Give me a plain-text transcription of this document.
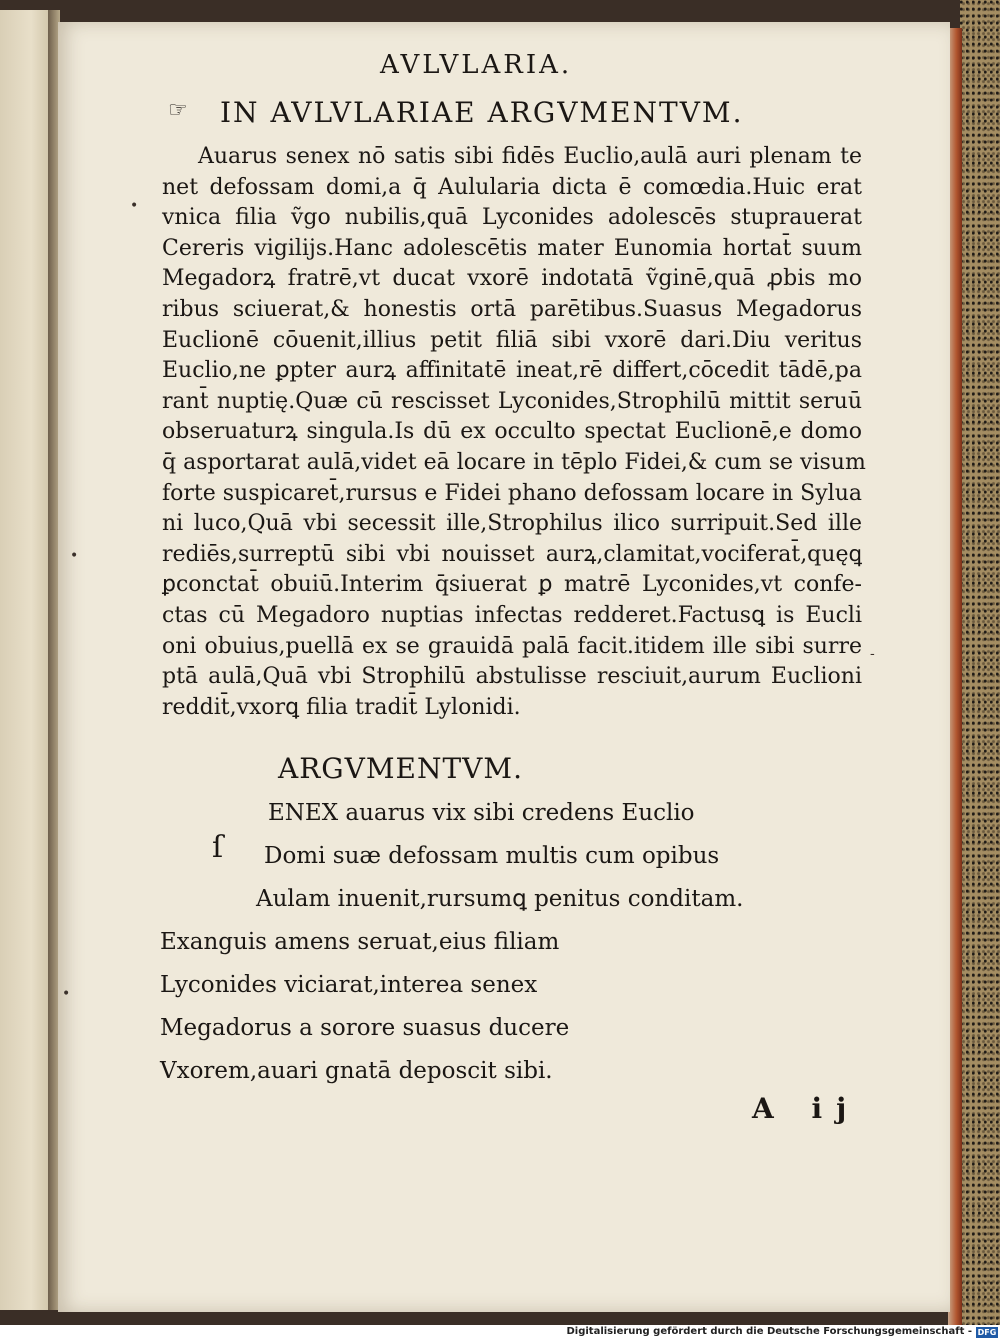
AVLVLARIA.
☞	IN AVLVLARIAE ARGVMENTVM.
Auarus senex nō satis sibi fidēs Euclio,aulā auri plenam te
net defossam domi,a q̄ Aulularia dicta ē comœdia.Huic erat
vnica filia ṽgo nubilis,quā Lyconides adolescēs stuprauerat
Cereris vigilijs.Hanc adolescētis mater Eunomia hortat̄ suum
Megadorꝝ fratrē,vt ducat vxorē indotatā ṽginē,quā ꝓbis mo
ribus sciuerat,& honestis ortā parētibus.Suasus Megadorus
Euclionē cōuenit,illius petit filiā sibi vxorē dari.Diu veritus
Euclio,ne ꝑpter aurꝝ affinitatē ineat,rē differt,cōcedit tādē,pa
rant̄ nuptię.Quæ cū rescisset Lyconides,Strophilū mittit seruū
obseruaturꝝ singula.Is dū ex occulto spectat Euclionē,e domo
q̄ asportarat aulā,videt eā locare in tēplo Fidei,& cum se visum
forte suspicaret̄,rursus e Fidei phano defossam locare in Sylua
ni luco,Quā vbi secessit ille,Strophilus ilico surripuit.Sed ille
rediēs,surreptū sibi vbi nouisset aurꝝ,clamitat,vociferat̄,quęꝗ
ꝑconctat̄ obuiū.Interim q̄siuerat ꝑ matrē Lyconides,vt confe-
ctas cū Megadoro nuptias infectas redderet.Factusꝗ is Eucli
oni obuius,puellā ex se grauidā palā facit.itidem ille sibi surre
ptā aulā,Quā vbi Strophilū abstulisse resciuit,aurum Euclioni
reddit̄,vxorꝗ filia tradit̄ Lylonidi.
ARGVMENTVM.
ſ
ENEX auarus vix sibi credens Euclio
Domi suæ defossam multis cum opibus
Aulam inuenit,rursumꝗ penitus conditam.
Exanguis amens seruat,eius filiam
Lyconides viciarat,interea senex
Megadorus a sorore suasus ducere
Vxorem,auari gnatā deposcit sibi.
A ij
•
•
•
-
Digitalisierung gefördert durch die Deutsche Forschungsgemeinschaft - DFG
